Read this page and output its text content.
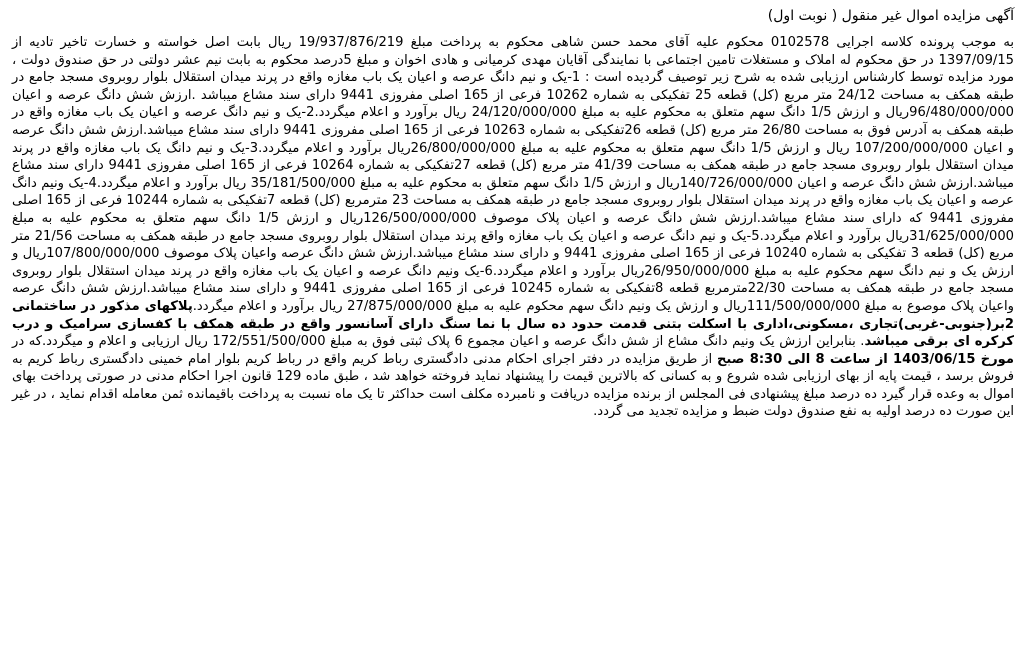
آگهی مزایده اموال غیر منقول ( نوبت اول)

به موجب پرونده کلاسه اجرایی 0102578 محکوم علیه آقای محمد حسن شاهی محکوم به پرداخت مبلغ 19/937/876/219 ریال بابت اصل خواسته و خسارت تاخیر تادیه از 1397/09/15 در حق محکوم له املاک و مستغلات تامین اجتماعی با نمایندگی آقایان مهدی کرمیانی و هادی اخوان و مبلغ 5درصد محکوم به بابت نیم عشر دولتی در حق صندوق دولت ، مورد مزایده توسط کارشناس ارزیابی شده به شرح زیر توصیف گردیده است : 1-یک و نیم دانگ عرصه و اعیان یک باب مغازه واقع در پرند میدان استقلال بلوار روبروی مسجد جامع در طبقه همکف به مساحت 24/12 متر مربع (کل) قطعه 25 تفکیکی به شماره 10262 فرعی از 165 اصلی مفروزی 9441 دارای سند مشاع میباشد .ارزش شش دانگ عرصه و اعیان 96/480/000/000ریال و ارزش 1/5 دانگ سهم متعلق به محکوم علیه به مبلغ 24/120/000/000 ریال برآورد و اعلام میگردد.2-یک و نیم دانگ عرصه و اعیان یک باب مغازه واقع در طبقه همکف به آدرس فوق به مساحت 26/80 متر مربع (کل) قطعه 26تفکیکی به شماره 10263 فرعی از 165 اصلی مفروزی 9441 دارای سند مشاع میباشد.ارزش شش دانگ عرصه و اعیان 107/200/000/000 ریال و ارزش 1/5 دانگ سهم متعلق به محکوم علیه به مبلغ 26/800/000/000ریال برآورد و اعلام میگردد.3-یک و نیم دانگ یک باب مغازه واقع در پرند میدان استقلال بلوار روبروی مسجد جامع در طبقه همکف به مساحت 41/39 متر مربع (کل) قطعه 27تفکیکی به شماره 10264 فرعی از 165 اصلی مفروزی 9441 دارای سند مشاع میباشد.ارزش شش دانگ عرصه و اعیان 140/726/000/000ریال و ارزش 1/5 دانگ سهم متعلق به محکوم علیه به مبلغ 35/181/500/000 ریال برآورد و اعلام میگردد.4-یک ونیم دانگ عرصه و اعیان یک باب مغازه واقع در پرند میدان استقلال بلوار روبروی مسجد جامع در طبقه همکف به مساحت 23 مترمربع (کل) قطعه 7تفکیکی به شماره 10244 فرعی از 165 اصلی مفروزی 9441 که دارای سند مشاع میباشد.ارزش شش دانگ عرصه و اعیان پلاک موصوف 126/500/000/000ریال و ارزش 1/5 دانگ سهم متعلق به محکوم علیه به مبلغ 31/625/000/000ریال برآورد و اعلام میگردد.5-یک و نیم دانگ عرصه و اعیان یک باب مغازه واقع پرند میدان استقلال بلوار روبروی مسجد جامع در طبقه همکف به مساحت 21/56 متر مربع (کل) قطعه 3 تفکیکی به شماره 10240 فرعی از 165 اصلی مفروزی 9441 و دارای سند مشاع میباشد.ارزش شش دانگ عرصه واعیان پلاک موصوف 107/800/000/000ریال و ارزش یک و نیم دانگ سهم محکوم علیه به مبلغ 26/950/000/000ریال برآورد و اعلام میگردد.6-یک ونیم دانگ عرصه و اعیان یک باب مغازه واقع در پرند میدان استقلال بلوار روبروی مسجد جامع در طبقه همکف به مساحت 22/30مترمربع قطعه 8تفکیکی به شماره 10245 فرعی از 165 اصلی مفروزی 9441 و دارای سند مشاع میباشد.ارزش شش دانگ عرصه واعیان پلاک موصوع به مبلغ 111/500/000/000ریال و ارزش یک ونیم دانگ سهم محکوم علیه به مبلغ 27/875/000/000 ریال برآورد و اعلام میگردد.پلاکهای مذکور در ساختمانی 2بر(جنوبی-غربی)تجاری ،مسکونی،اداری با اسکلت بتنی قدمت حدود ده سال با نما سنگ دارای آسانسور واقع در طبقه همکف با کفسازی سرامیک و درب کرکره ای برقی میباشد. بنابراین ارزش یک ونیم دانگ مشاع از شش دانگ عرصه و اعیان مجموع 6 پلاک ثبتی فوق به مبلغ 172/551/500/000 ریال ارزیابی و اعلام و میگردد.که در مورخ 1403/06/15 از ساعت 8 الی 8:30 صبح از طریق مزایده در دفتر اجرای احکام مدنی دادگستری رباط کریم واقع در رباط کریم بلوار امام خمینی دادگستری رباط کریم به فروش برسد ، قیمت پایه از بهای ارزیابی شده شروع و به کسانی که بالاترین قیمت را پیشنهاد نماید فروخته خواهد شد ، طبق ماده 129 قانون اجرا احکام مدنی در صورتی پرداخت بهای اموال به وعده قرار گیرد ده درصد مبلغ پیشنهادی فی المجلس از برنده مزایده دریافت و نامبرده مکلف است حداکثر تا یک ماه نسبت به پرداخت باقیمانده ثمن معامله اقدام نماید ، در غیر این صورت ده درصد اولیه به نفع صندوق دولت ضبط و مزایده تجدید می گردد.
